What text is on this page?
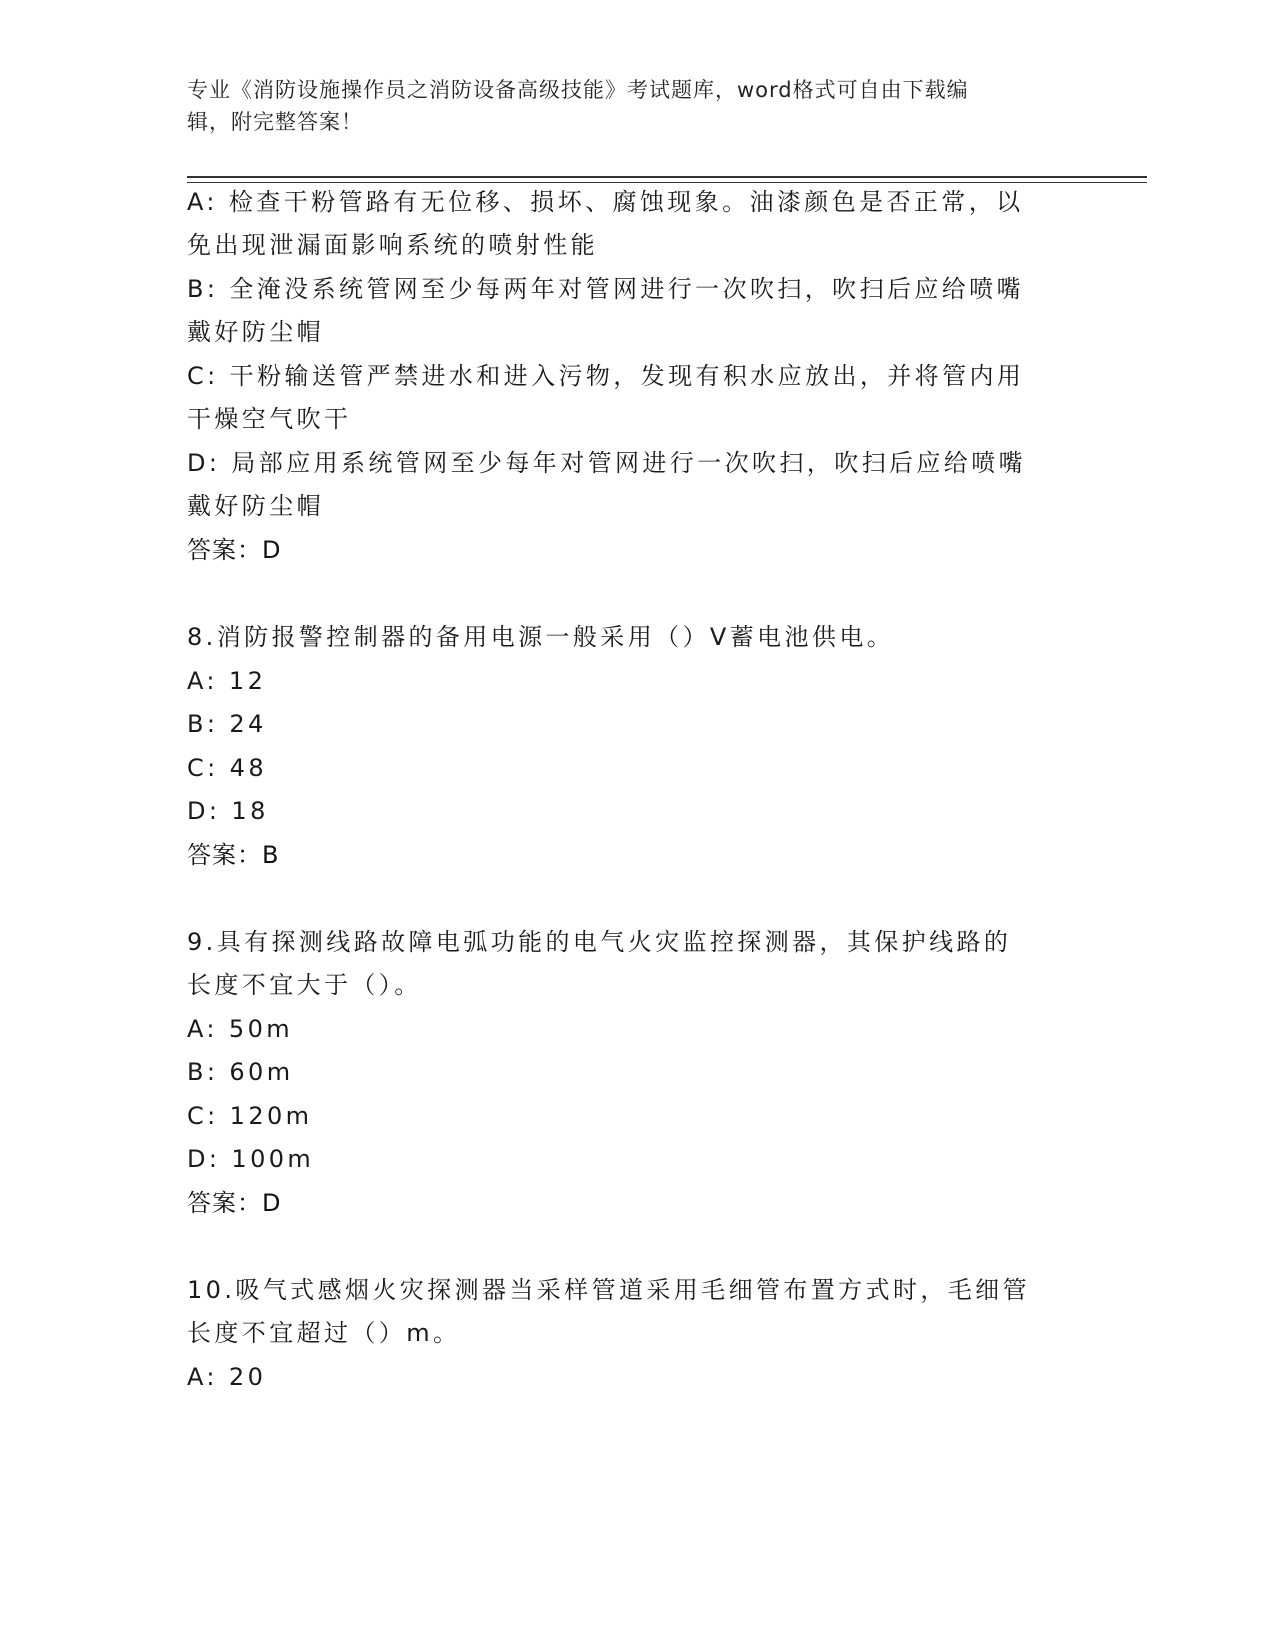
专业《消防设施操作员之消防设备高级技能》考试题库，word格式可自由下载编
辑，附完整答案！
A: 检查干粉管路有无位移、损坏、腐蚀现象。油漆颜色是否正常，以
免出现泄漏面影响系统的喷射性能
B: 全淹没系统管网至少每两年对管网进行一次吹扫，吹扫后应给喷嘴
戴好防尘帽
C: 干粉输送管严禁进水和进入污物，发现有积水应放出，并将管内用
干燥空气吹干
D: 局部应用系统管网至少每年对管网进行一次吹扫，吹扫后应给喷嘴
戴好防尘帽
答案：D
8.消防报警控制器的备用电源一般采用（）V蓄电池供电。
A: 12
B: 24
C: 48
D: 18
答案：B
9.具有探测线路故障电弧功能的电气火灾监控探测器，其保护线路的
长度不宜大于（）。
A: 50m
B: 60m
C: 120m
D: 100m
答案：D
10.吸气式感烟火灾探测器当采样管道采用毛细管布置方式时，毛细管
长度不宜超过（）m。
A: 20
